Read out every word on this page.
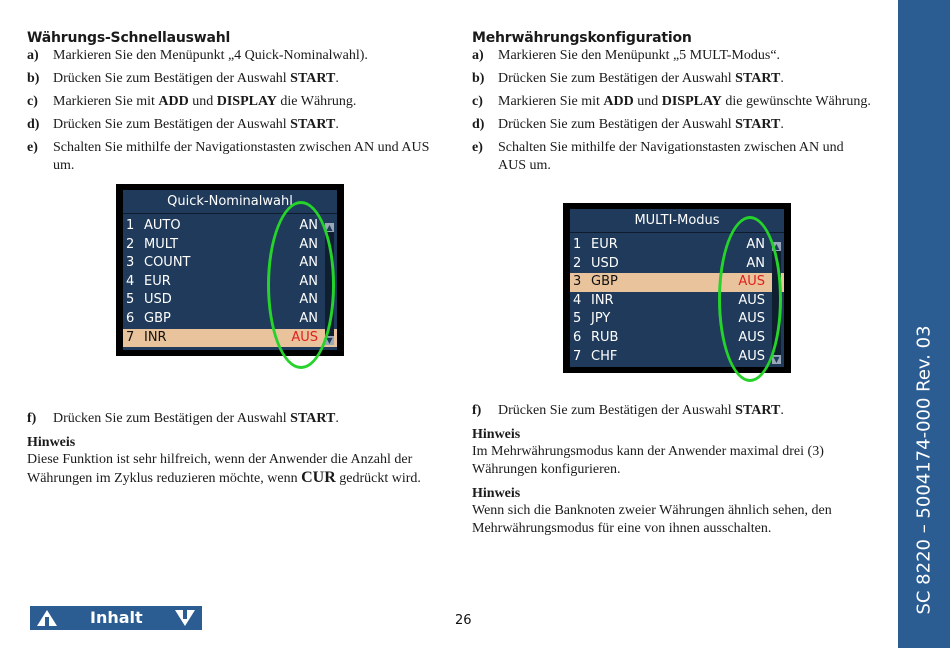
Währungs-Schnellauswahl
a)	Markieren Sie den Menüpunkt „4 Quick-Nominalwahl).
b) Drücken Sie zum Bestätigen der Auswahl START.
c)	Markieren Sie mit ADD und DISPLAY die Währung.
d) Drücken Sie zum Bestätigen der Auswahl START.
e)	Schalten Sie mithilfe der Navigationstasten zwischen AN und AUS um.
Quick-Nominalwahl
1 AUTO	AN
2 MULT	AN
3 COUNT	AN
4 EUR	AN
5 USD	AN
6 GBP	AN
7 INR	AUS
▲
▼
f)	Drücken Sie zum Bestätigen der Auswahl START.
Hinweis
Diese Funktion ist sehr hilfreich, wenn der Anwender die Anzahl der Währungen im Zyklus reduzieren möchte, wenn CUR gedrückt wird.
Mehrwährungskonfiguration
a)	Markieren Sie den Menüpunkt „5 MULT-Modus“.
b) Drücken Sie zum Bestätigen der Auswahl START.
c)	Markieren Sie mit ADD und DISPLAY die gewünschte Währung.
d) Drücken Sie zum Bestätigen der Auswahl START.
e)	Schalten Sie mithilfe der Navigationstasten zwischen AN und AUS um.
MULTI-Modus
1 EUR	AN
2 USD	AN
3 GBP	AUS
4 INR	AUS
5 JPY	AUS
6 RUB	AUS
7 CHF	AUS
▲
▼
f)	Drücken Sie zum Bestätigen der Auswahl START.
Hinweis
Im Mehrwährungsmodus kann der Anwender maximal drei (3) Währungen konfigurieren.
Hinweis
Wenn sich die Banknoten zweier Währungen ähnlich sehen, den Mehrwährungsmodus für eine von ihnen ausschalten.	SC 8220 – 5004174-000 Rev. 03
Inhalt	26
